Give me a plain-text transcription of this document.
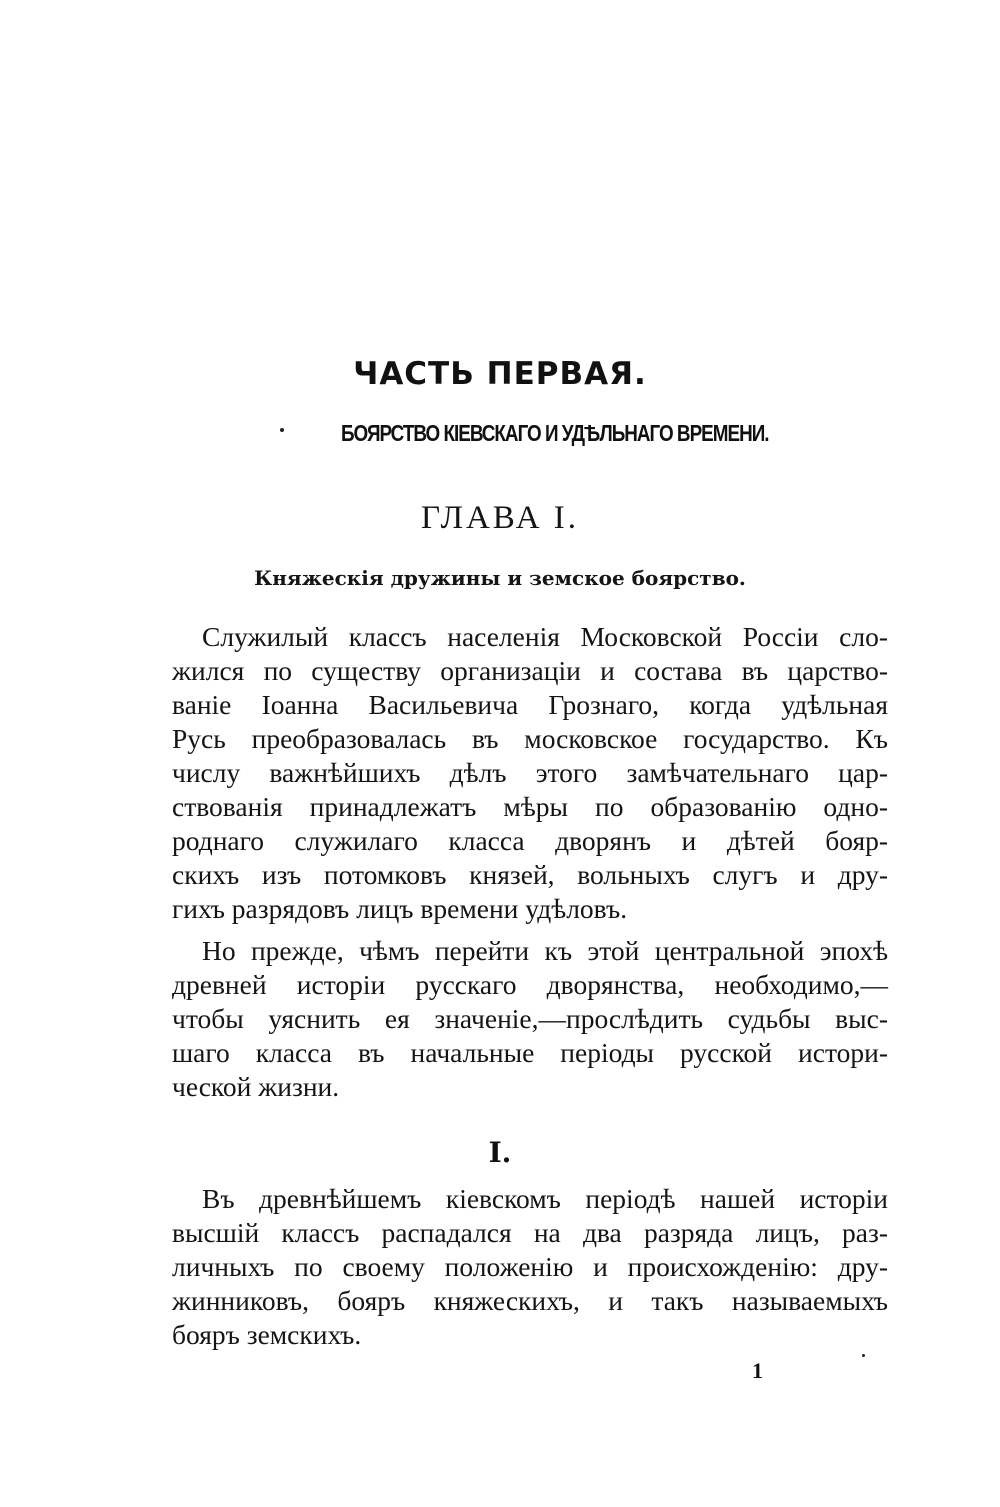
ЧАСТЬ ПЕРВАЯ.
БОЯРСТВО КІЕВСКАГО И УДѢЛЬНАГО ВРЕМЕНИ.
ГЛАВА I.
Княжескія дружины и земское боярство.
Служилый классъ населенія Московской Россіи сло-
жился по существу организаціи и состава въ царство-
ваніе Іоанна Васильевича Грознаго, когда удѣльная
Русь преобразовалась въ московское государство. Къ
числу важнѣйшихъ дѣлъ этого замѣчательнаго цар-
ствованія принадлежатъ мѣры по образованію одно-
роднаго служилаго класса дворянъ и дѣтей бояр-
скихъ изъ потомковъ князей, вольныхъ слугъ и дру-
гихъ разрядовъ лицъ времени удѣловъ.
Но прежде, чѣмъ перейти къ этой центральной эпохѣ
древней исторіи русскаго дворянства, необходимо,—
чтобы уяснить ея значеніе,—прослѣдить судьбы выс-
шаго класса въ начальные періоды русской истори-
ческой жизни.
I.
Въ древнѣйшемъ кіевскомъ періодѣ нашей исторіи
высшій классъ распадался на два разряда лицъ, раз-
личныхъ по своему положенію и происхожденію: дру-
жинниковъ, бояръ княжескихъ, и такъ называемыхъ
бояръ земскихъ.
1
